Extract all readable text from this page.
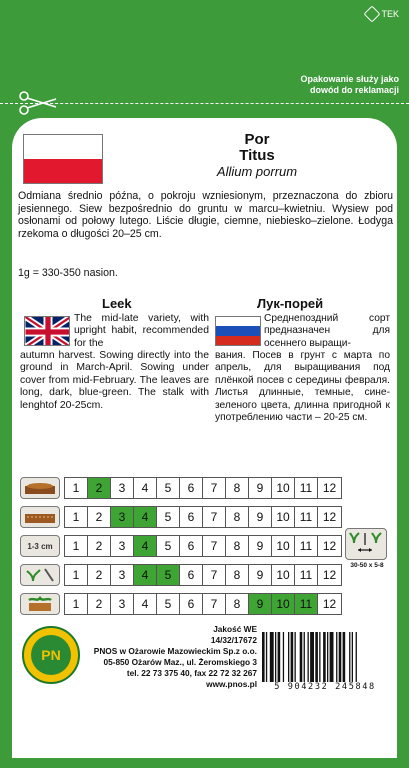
TEK
Opakowanie służy jako dowód do reklamacji
Por
Titus
Allium porrum
Odmiana średnio późna, o pokroju wzniesionym, przeznaczona do zbioru jesiennego. Siew bezpośrednio do gruntu w marcu–kwietniu. Wysiew pod osłonami od połowy lutego. Liście długie, ciemne, niebiesko–zielone. Łodyga rzekoma o długości 20–25 cm.
1g = 330-350 nasion.
Leek	Лук-порей
The mid-late variety, with upright habit, recommended for the
autumn harvest. Sowing directly into the ground in March-April. Sowing under cover from mid-February. The leaves are long, dark, blue-green. The stalk with lenghtof 20-25cm.
Среднепоздний сорт предназначен для осеннего выращи-
вания. Посев в грунт с марта по апрель, для выращивания под плёнкой посев с середины февраля. Листья длинные, темные, сине-зеленого цвета, длинна пригодной к употреблению части – 20-25 см.
1	2	3	4	5	6	7	8	9	10 11 12
1	2	3	4	5	6	7	8	9	10 11 12
1-3 cm	1	2	3	4	5	6	7	8	9	10 11 12
1	2	3	4	5	6	7	8	9	10 11 12
1	2	3	4	5	6	7	8	9	10 11 12
30-50 x 5-8
PN
Jakość WE
14/32/17672
PNOS w Ożarowie Mazowieckim Sp.z o.o.
05-850 Ożarów Maz., ul. Żeromskiego 3
tel. 22 73 375 40, fax 22 72 32 267
www.pnos.pl	5 904232 245848
